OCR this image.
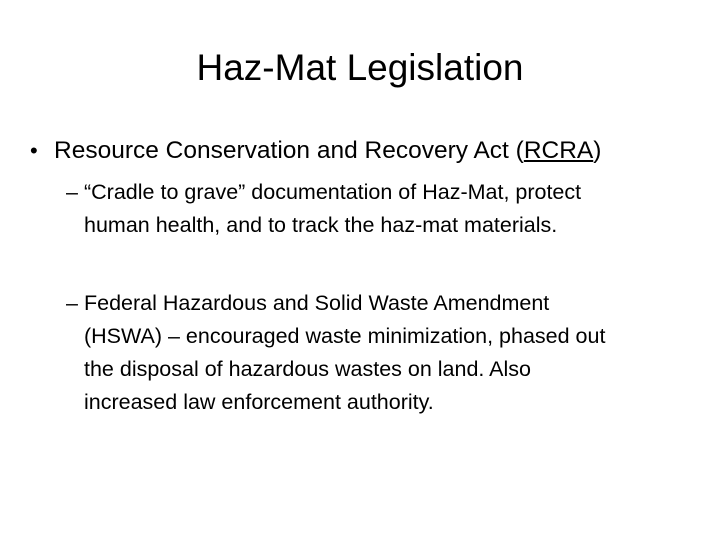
Haz-Mat Legislation
• Resource Conservation and Recovery Act (RCRA)
– “Cradle to grave” documentation of Haz-Mat, protect
human health, and to track the haz-mat materials.
– Federal Hazardous and Solid Waste Amendment
(HSWA) – encouraged waste minimization, phased out
the disposal of hazardous wastes on land. Also
increased law enforcement authority.
